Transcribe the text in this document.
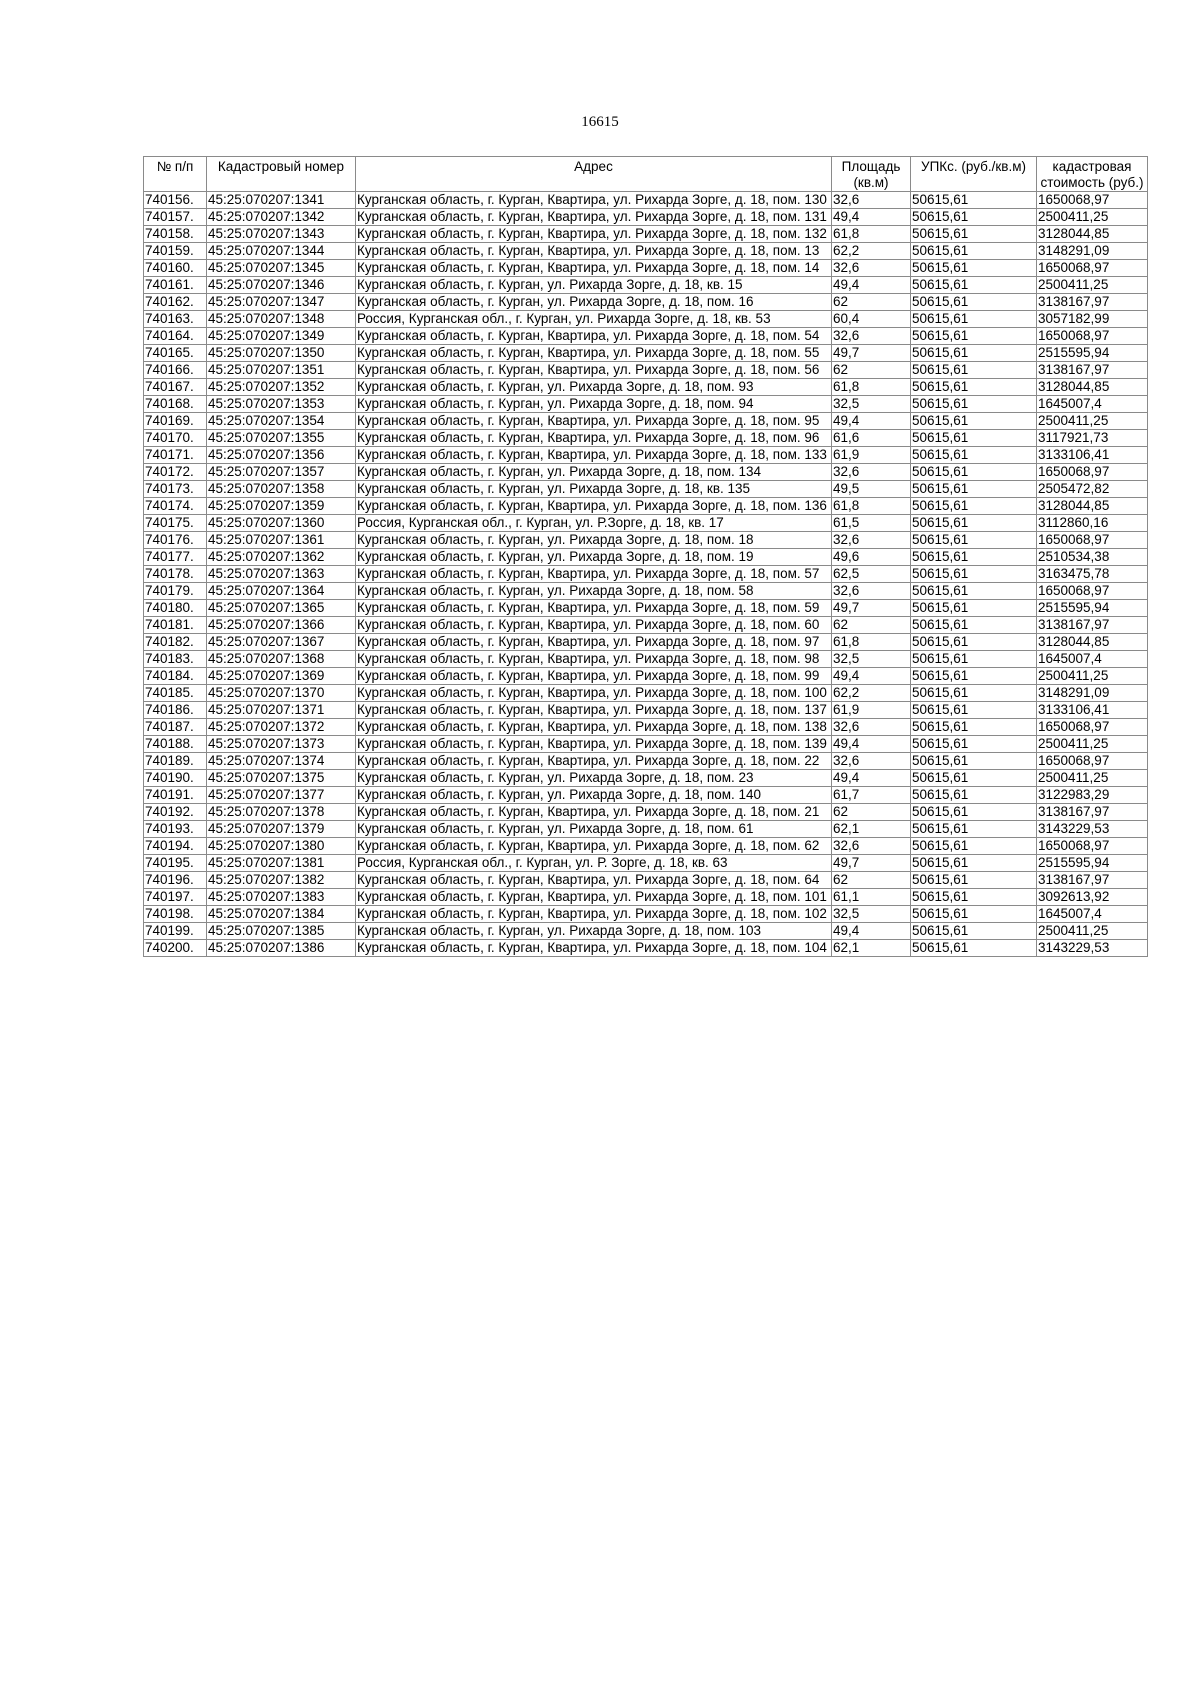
16615
№ п/п	Кадастровый номер	Адрес	Площадь (кв.м)	УПКс. (руб./кв.м)	кадастровая стоимость (руб.)
740156.	45:25:070207:1341	Курганская область, г. Курган, Квартира, ул. Рихарда Зорге, д. 18, пом. 130	32,6	50615,61	1650068,97
740157.	45:25:070207:1342	Курганская область, г. Курган, Квартира, ул. Рихарда Зорге, д. 18, пом. 131	49,4	50615,61	2500411,25
740158.	45:25:070207:1343	Курганская область, г. Курган, Квартира, ул. Рихарда Зорге, д. 18, пом. 132	61,8	50615,61	3128044,85
740159.	45:25:070207:1344	Курганская область, г. Курган, Квартира, ул. Рихарда Зорге, д. 18, пом. 13	62,2	50615,61	3148291,09
740160.	45:25:070207:1345	Курганская область, г. Курган, Квартира, ул. Рихарда Зорге, д. 18, пом. 14	32,6	50615,61	1650068,97
740161.	45:25:070207:1346	Курганская область, г. Курган, ул. Рихарда Зорге, д. 18, кв. 15	49,4	50615,61	2500411,25
740162.	45:25:070207:1347	Курганская область, г. Курган, ул. Рихарда Зорге, д. 18, пом. 16	62	50615,61	3138167,97
740163.	45:25:070207:1348	Россия, Курганская обл., г. Курган, ул. Рихарда Зорге, д. 18, кв. 53	60,4	50615,61	3057182,99
740164.	45:25:070207:1349	Курганская область, г. Курган, Квартира, ул. Рихарда Зорге, д. 18, пом. 54	32,6	50615,61	1650068,97
740165.	45:25:070207:1350	Курганская область, г. Курган, Квартира, ул. Рихарда Зорге, д. 18, пом. 55	49,7	50615,61	2515595,94
740166.	45:25:070207:1351	Курганская область, г. Курган, Квартира, ул. Рихарда Зорге, д. 18, пом. 56	62	50615,61	3138167,97
740167.	45:25:070207:1352	Курганская область, г. Курган, ул. Рихарда Зорге, д. 18, пом. 93	61,8	50615,61	3128044,85
740168.	45:25:070207:1353	Курганская область, г. Курган, ул. Рихарда Зорге, д. 18, пом. 94	32,5	50615,61	1645007,4
740169.	45:25:070207:1354	Курганская область, г. Курган, Квартира, ул. Рихарда Зорге, д. 18, пом. 95	49,4	50615,61	2500411,25
740170.	45:25:070207:1355	Курганская область, г. Курган, Квартира, ул. Рихарда Зорге, д. 18, пом. 96	61,6	50615,61	3117921,73
740171.	45:25:070207:1356	Курганская область, г. Курган, Квартира, ул. Рихарда Зорге, д. 18, пом. 133	61,9	50615,61	3133106,41
740172.	45:25:070207:1357	Курганская область, г. Курган, ул. Рихарда Зорге, д. 18, пом. 134	32,6	50615,61	1650068,97
740173.	45:25:070207:1358	Курганская область, г. Курган, ул. Рихарда Зорге, д. 18, кв. 135	49,5	50615,61	2505472,82
740174.	45:25:070207:1359	Курганская область, г. Курган, Квартира, ул. Рихарда Зорге, д. 18, пом. 136	61,8	50615,61	3128044,85
740175.	45:25:070207:1360	Россия, Курганская обл., г. Курган, ул. Р.Зорге, д. 18, кв. 17	61,5	50615,61	3112860,16
740176.	45:25:070207:1361	Курганская область, г. Курган, ул. Рихарда Зорге, д. 18, пом. 18	32,6	50615,61	1650068,97
740177.	45:25:070207:1362	Курганская область, г. Курган, ул. Рихарда Зорге, д. 18, пом. 19	49,6	50615,61	2510534,38
740178.	45:25:070207:1363	Курганская область, г. Курган, Квартира, ул. Рихарда Зорге, д. 18, пом. 57	62,5	50615,61	3163475,78
740179.	45:25:070207:1364	Курганская область, г. Курган, ул. Рихарда Зорге, д. 18, пом. 58	32,6	50615,61	1650068,97
740180.	45:25:070207:1365	Курганская область, г. Курган, Квартира, ул. Рихарда Зорге, д. 18, пом. 59	49,7	50615,61	2515595,94
740181.	45:25:070207:1366	Курганская область, г. Курган, Квартира, ул. Рихарда Зорге, д. 18, пом. 60	62	50615,61	3138167,97
740182.	45:25:070207:1367	Курганская область, г. Курган, Квартира, ул. Рихарда Зорге, д. 18, пом. 97	61,8	50615,61	3128044,85
740183.	45:25:070207:1368	Курганская область, г. Курган, Квартира, ул. Рихарда Зорге, д. 18, пом. 98	32,5	50615,61	1645007,4
740184.	45:25:070207:1369	Курганская область, г. Курган, Квартира, ул. Рихарда Зорге, д. 18, пом. 99	49,4	50615,61	2500411,25
740185.	45:25:070207:1370	Курганская область, г. Курган, Квартира, ул. Рихарда Зорге, д. 18, пом. 100	62,2	50615,61	3148291,09
740186.	45:25:070207:1371	Курганская область, г. Курган, Квартира, ул. Рихарда Зорге, д. 18, пом. 137	61,9	50615,61	3133106,41
740187.	45:25:070207:1372	Курганская область, г. Курган, Квартира, ул. Рихарда Зорге, д. 18, пом. 138	32,6	50615,61	1650068,97
740188.	45:25:070207:1373	Курганская область, г. Курган, Квартира, ул. Рихарда Зорге, д. 18, пом. 139	49,4	50615,61	2500411,25
740189.	45:25:070207:1374	Курганская область, г. Курган, Квартира, ул. Рихарда Зорге, д. 18, пом. 22	32,6	50615,61	1650068,97
740190.	45:25:070207:1375	Курганская область, г. Курган, ул. Рихарда Зорге, д. 18, пом. 23	49,4	50615,61	2500411,25
740191.	45:25:070207:1377	Курганская область, г. Курган, ул. Рихарда Зорге, д. 18, пом. 140	61,7	50615,61	3122983,29
740192.	45:25:070207:1378	Курганская область, г. Курган, Квартира, ул. Рихарда Зорге, д. 18, пом. 21	62	50615,61	3138167,97
740193.	45:25:070207:1379	Курганская область, г. Курган, ул. Рихарда Зорге, д. 18, пом. 61	62,1	50615,61	3143229,53
740194.	45:25:070207:1380	Курганская область, г. Курган, Квартира, ул. Рихарда Зорге, д. 18, пом. 62	32,6	50615,61	1650068,97
740195.	45:25:070207:1381	Россия, Курганская обл., г. Курган, ул. Р. Зорге, д. 18, кв. 63	49,7	50615,61	2515595,94
740196.	45:25:070207:1382	Курганская область, г. Курган, Квартира, ул. Рихарда Зорге, д. 18, пом. 64	62	50615,61	3138167,97
740197.	45:25:070207:1383	Курганская область, г. Курган, Квартира, ул. Рихарда Зорге, д. 18, пом. 101	61,1	50615,61	3092613,92
740198.	45:25:070207:1384	Курганская область, г. Курган, Квартира, ул. Рихарда Зорге, д. 18, пом. 102	32,5	50615,61	1645007,4
740199.	45:25:070207:1385	Курганская область, г. Курган, ул. Рихарда Зорге, д. 18, пом. 103	49,4	50615,61	2500411,25
740200.	45:25:070207:1386	Курганская область, г. Курган, Квартира, ул. Рихарда Зорге, д. 18, пом. 104	62,1	50615,61	3143229,53
